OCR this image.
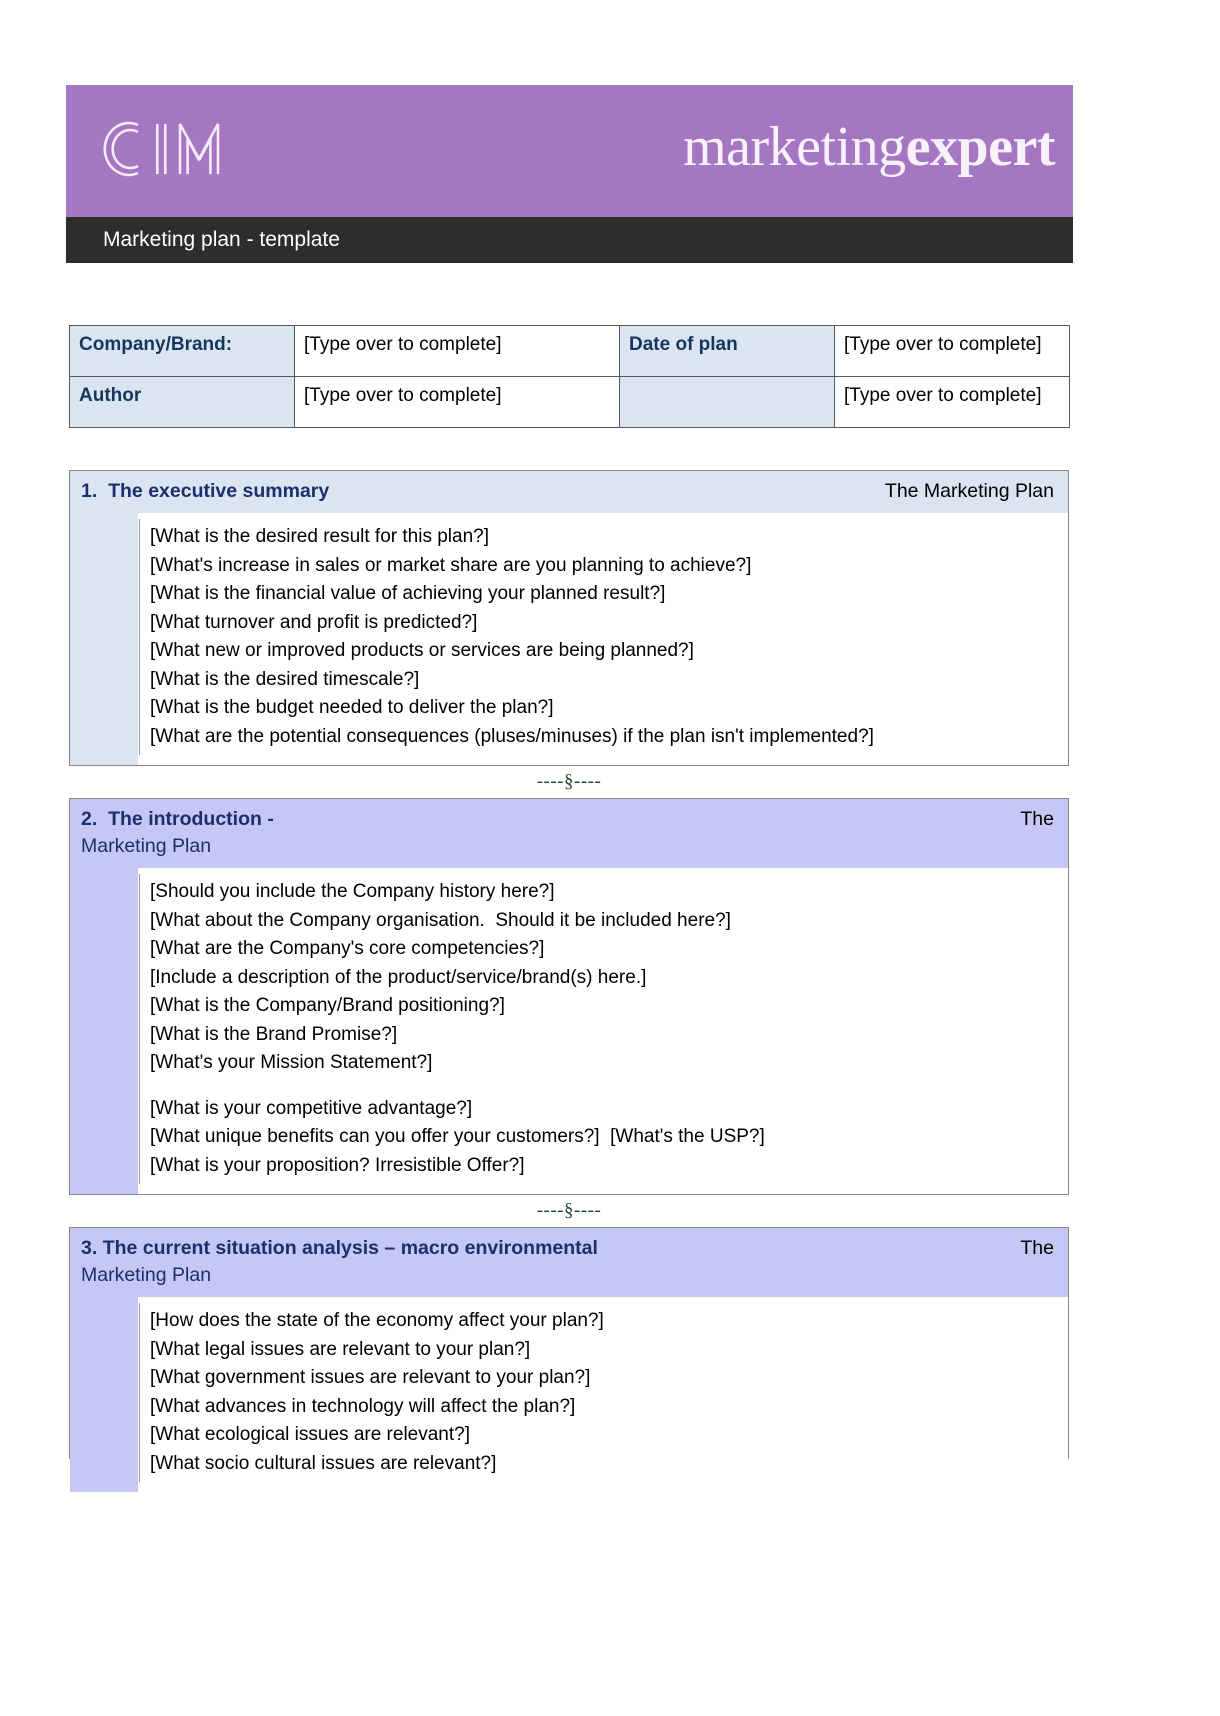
marketingexpert
Marketing plan - template
Company/Brand:	[Type over to complete]	Date of plan	[Type over to complete]
Author	[Type over to complete]		[Type over to complete]
1. The executive summary	The Marketing Plan

[What is the desired result for this plan?]

[What's increase in sales or market share are you planning to achieve?]

[What is the financial value of achieving your planned result?]

[What turnover and profit is predicted?]

[What new or improved products or services are being planned?]

[What is the desired timescale?]

[What is the budget needed to deliver the plan?]

[What are the potential consequences (pluses/minuses) if the plan isn't implemented?]

----§----
2. The introduction -
Marketing Plan
The

[Should you include the Company history here?]

[What about the Company organisation.  Should it be included here?]

[What are the Company's core competencies?]

[Include a description of the product/service/brand(s) here.]

[What is the Company/Brand positioning?]

[What is the Brand Promise?]

[What's your Mission Statement?]

[What is your competitive advantage?]

[What unique benefits can you offer your customers?]  [What's the USP?]

[What is your proposition? Irresistible Offer?]

----§----
3. The current situation analysis – macro environmental
Marketing Plan
The

[How does the state of the economy affect your plan?]

[What legal issues are relevant to your plan?]

[What government issues are relevant to your plan?]

[What advances in technology will affect the plan?]

[What ecological issues are relevant?]

[What socio cultural issues are relevant?]
